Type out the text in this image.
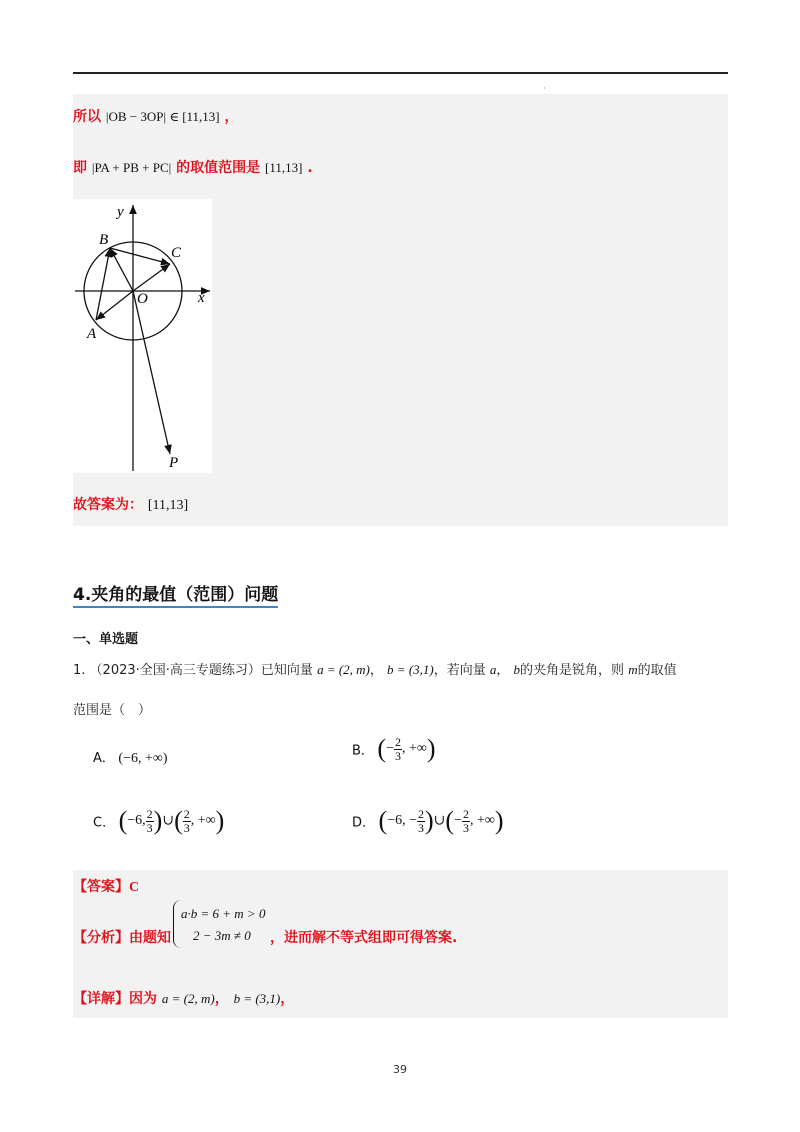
·
所以 |OB − 3OP| ∈ [11,13] ，
即 |PA + PB + PC| 的取值范围是 [11,13] .
y
x
O
B
C
A
P
故答案为： [11,13]
4.夹角的最值（范围）问题
一、单选题
1. （2023·全国·高三专题练习）已知向量 a = (2, m)， b = (3,1)，若向量 a， b的夹角是锐角，则 m的取值
范围是（　）
A． (−6, +∞)	B． (− $\frac{2}{3}$ , +∞)
C． (−6, $\frac{2}{3}$ )∪( $\frac{2}{3}$ , +∞)	D． (−6, − $\frac{2}{3}$ )∪(− $\frac{2}{3}$ , +∞)
【答案】C
【分析】由题知
a·b = 6 + m > 0
2 − 3m ≠ 0 ，进而解不等式组即可得答案.
【详解】因为 a = (2, m)， b = (3,1)，
39
